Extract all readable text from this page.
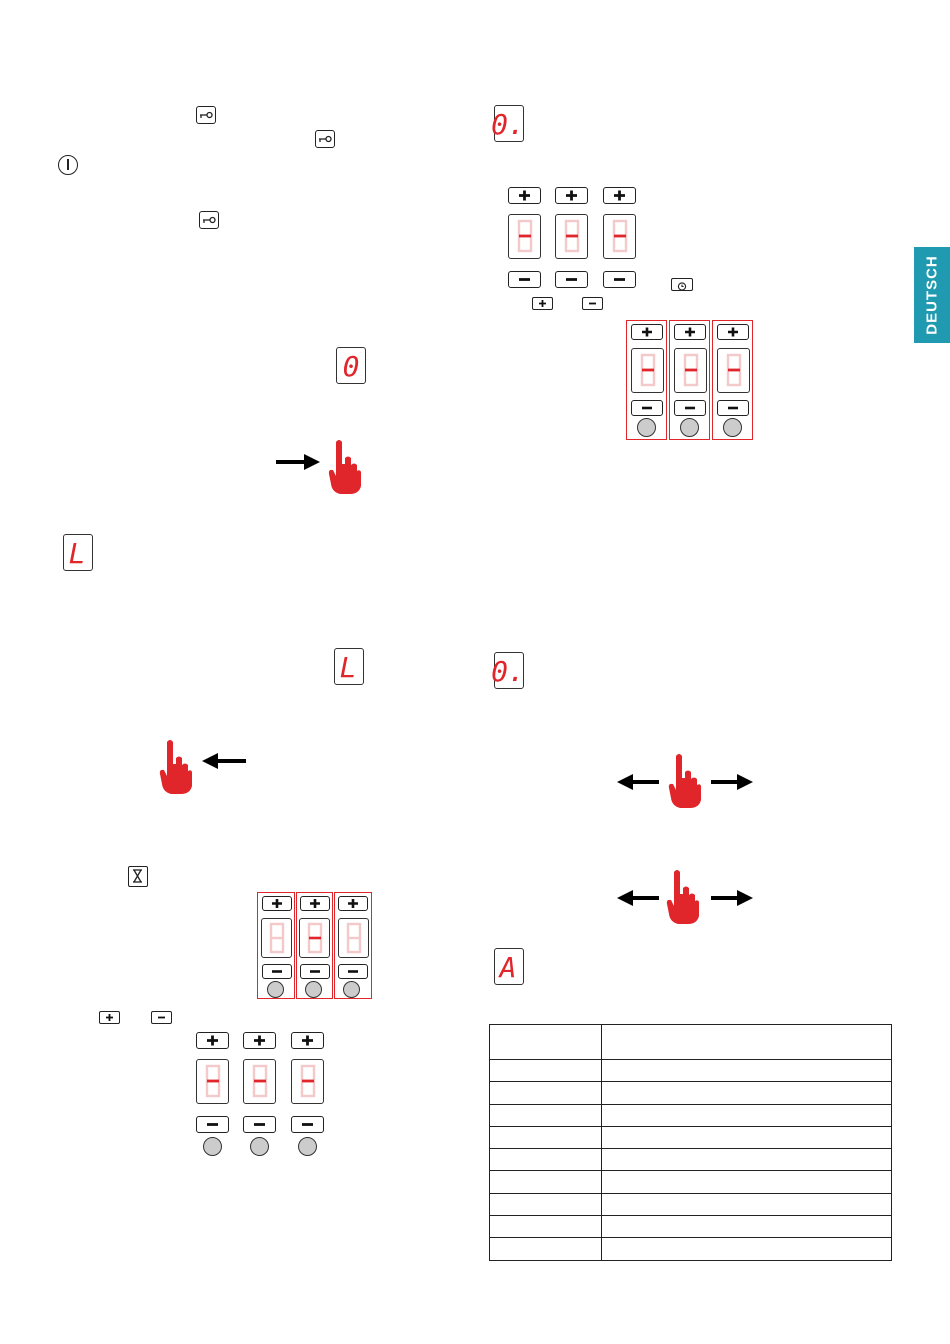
DEUTSCH
0
L
L
0.
0.
A
